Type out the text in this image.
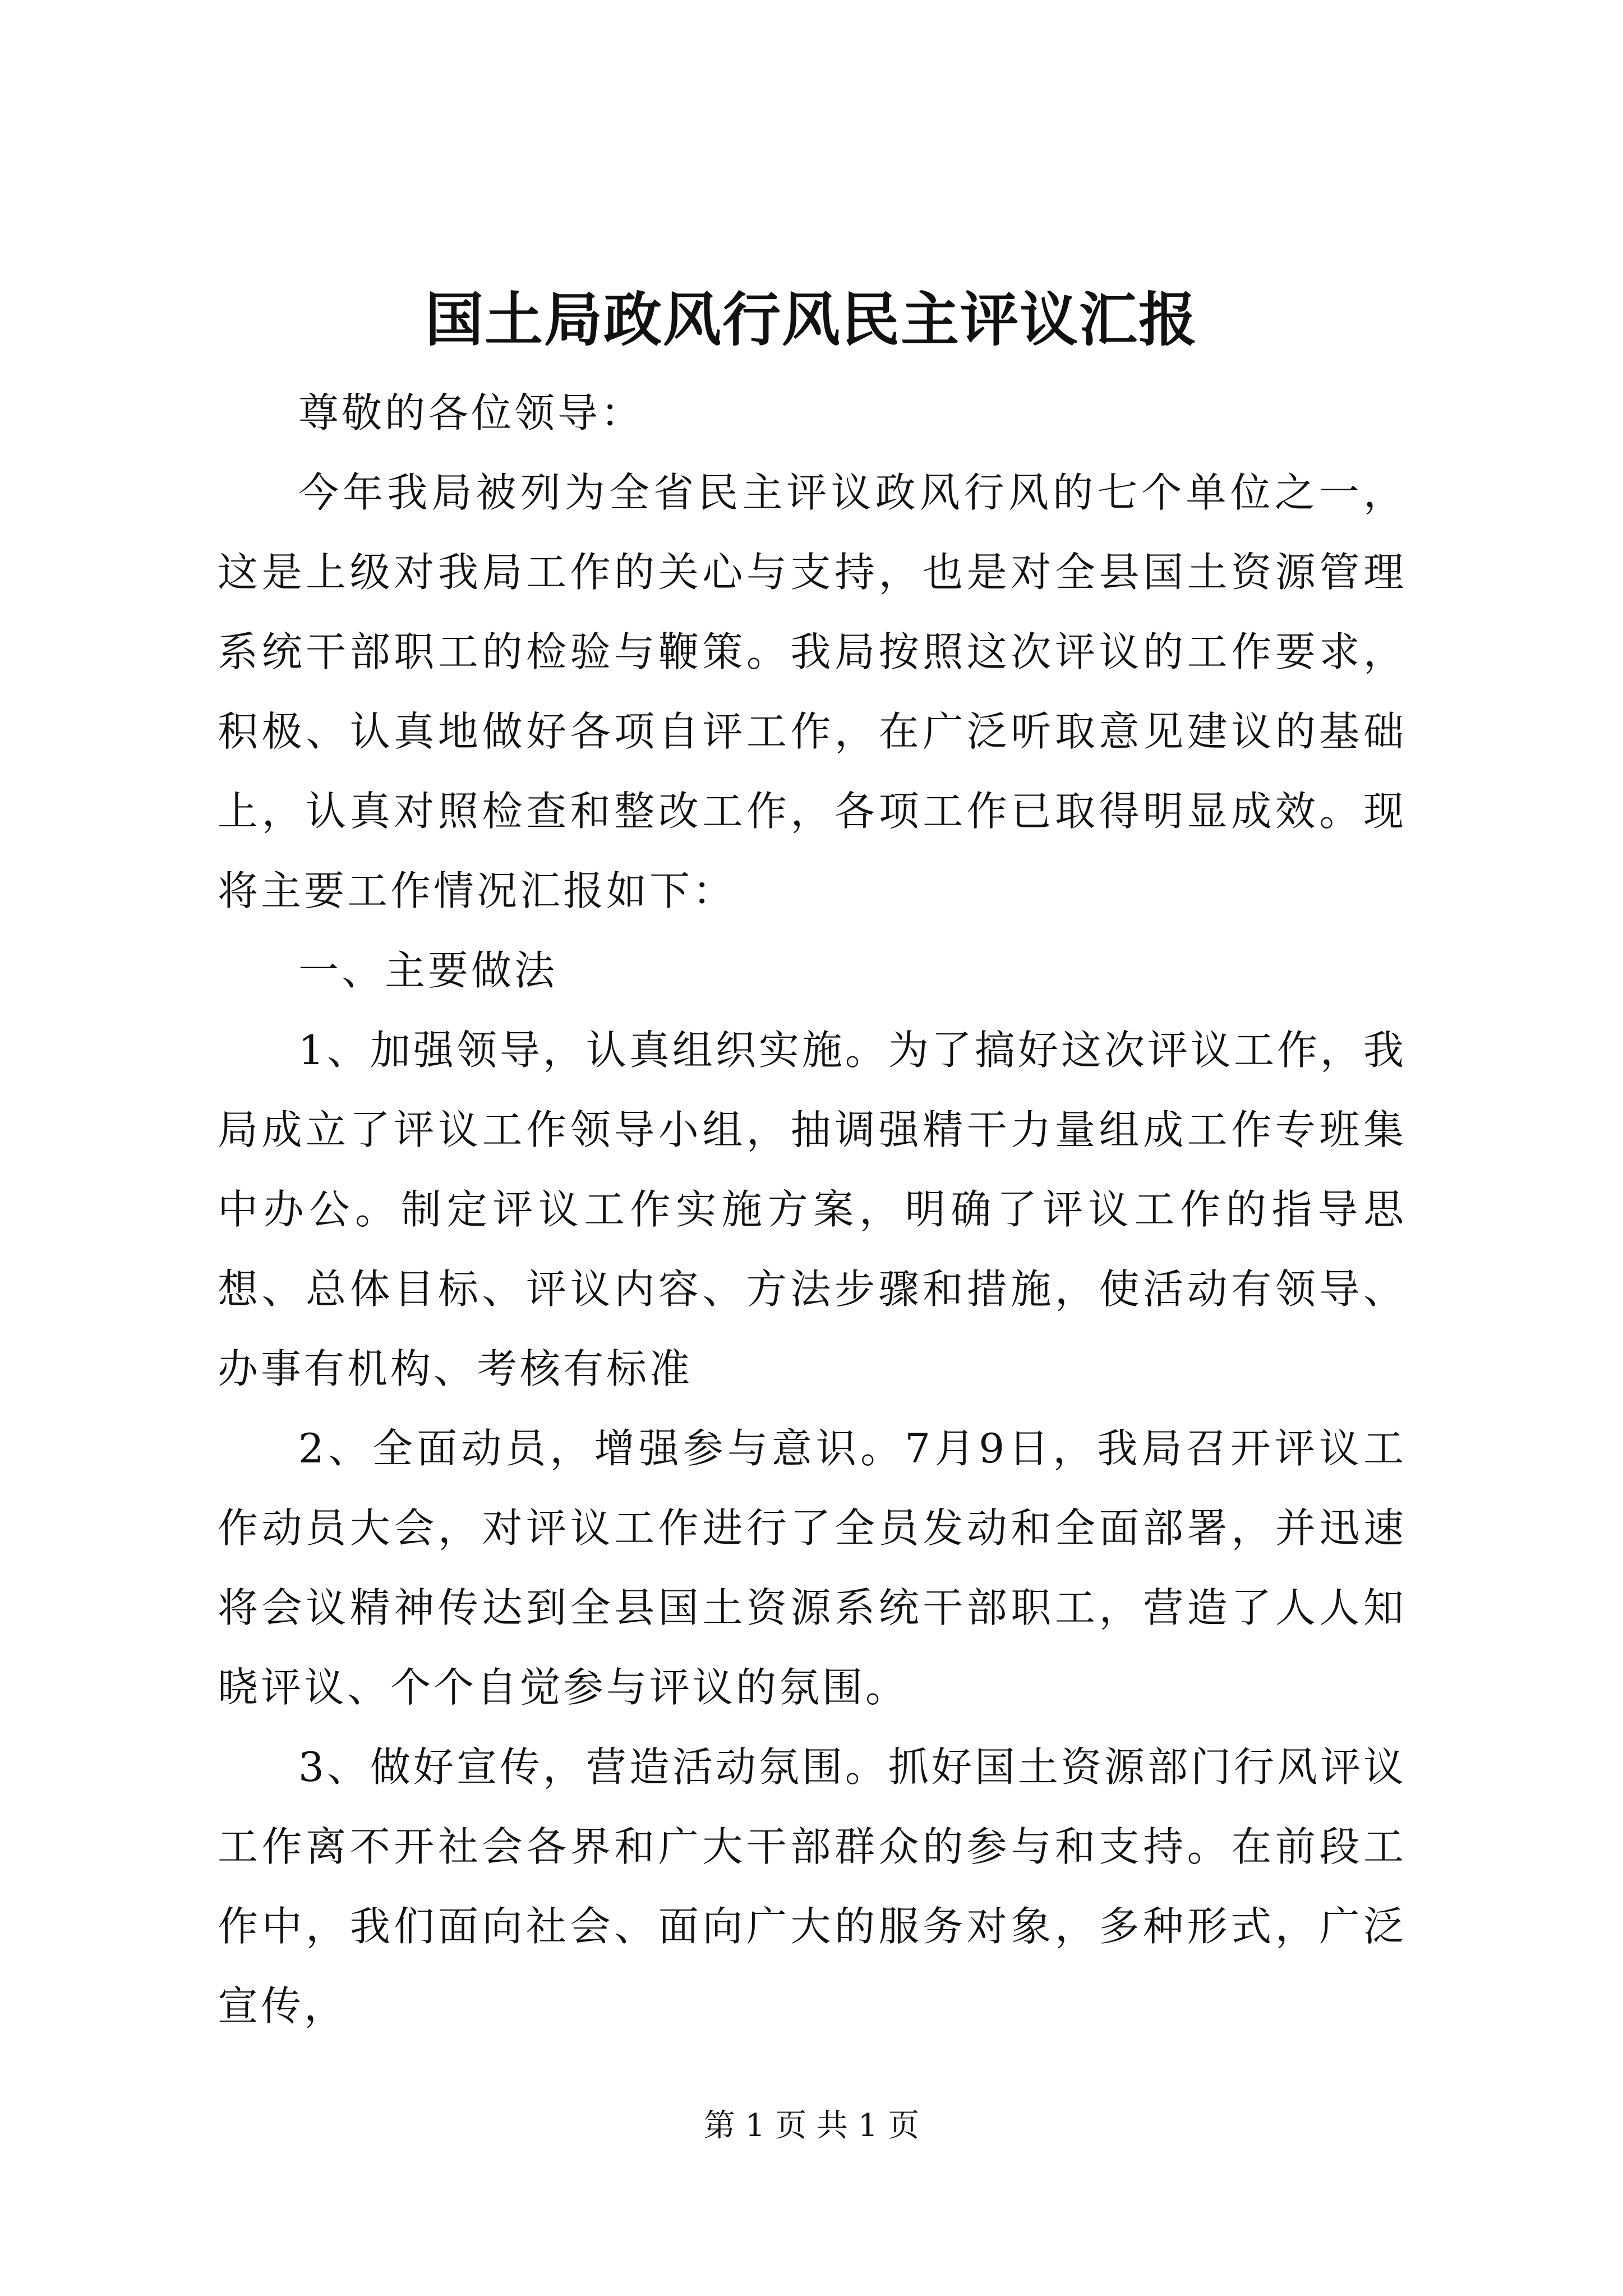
国土局政风行风民主评议汇报

尊敬的各位领导：

今年我局被列为全省民主评议政风行风的七个单位之一，这是上级对我局工作的关心与支持，也是对全县国土资源管理系统干部职工的检验与鞭策。我局按照这次评议的工作要求，积极、认真地做好各项自评工作，在广泛听取意见建议的基础上，认真对照检查和整改工作，各项工作已取得明显成效。现将主要工作情况汇报如下：

一、主要做法

1、加强领导，认真组织实施。为了搞好这次评议工作，我局成立了评议工作领导小组，抽调强精干力量组成工作专班集中办公。制定评议工作实施方案，明确了评议工作的指导思想、总体目标、评议内容、方法步骤和措施，使活动有领导、办事有机构、考核有标准

2、全面动员，增强参与意识。7月9日，我局召开评议工作动员大会，对评议工作进行了全员发动和全面部署，并迅速将会议精神传达到全县国土资源系统干部职工，营造了人人知晓评议、个个自觉参与评议的氛围。

3、做好宣传，营造活动氛围。抓好国土资源部门行风评议工作离不开社会各界和广大干部群众的参与和支持。在前段工作中，我们面向社会、面向广大的服务对象，多种形式，广泛宣传，

第 1 页 共 1 页
